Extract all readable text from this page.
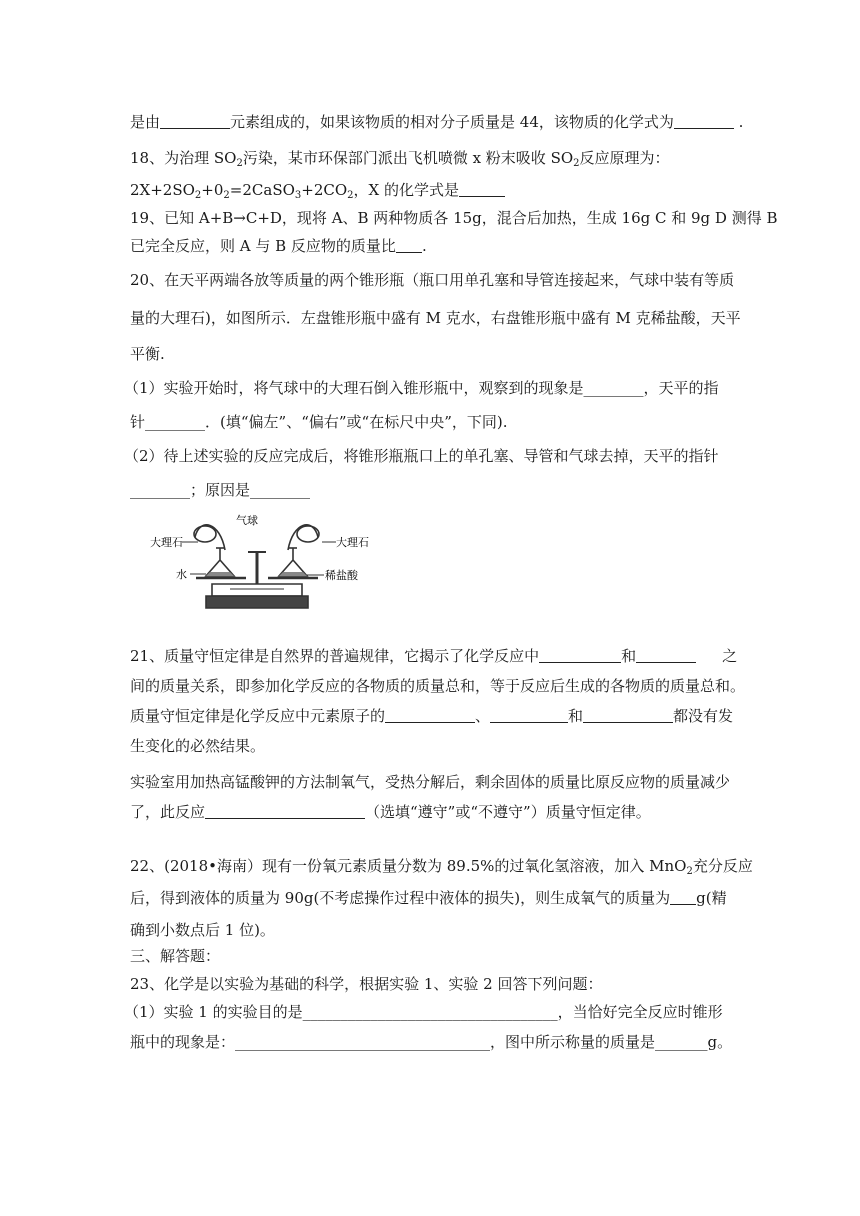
是由	元素组成的，如果该物质的相对分子质量是 44，该物质的化学式为	.
18、为治理 $SO_2$污染，某市环保部门派出飞机喷微 x 粉末吸收 $SO_2$反应原理为：
$2X+2SO_2+0_2=2CaSO_3+2CO_2$，X 的化学式是
19、已知 A+B→C+D，现将 A、B 两种物质各 15g，混合后加热，生成 16g C 和 9g D 测得 B
已完全反应，则 A 与 B 反应物的质量比 .
20、在天平两端各放等质量的两个锥形瓶（瓶口用单孔塞和导管连接起来，气球中装有等质
量的大理石)，如图所示．左盘锥形瓶中盛有 M 克水，右盘锥形瓶中盛有 M 克稀盐酸，天平
平衡.
（1）实验开始时，将气球中的大理石倒入锥形瓶中，观察到的现象是________，天平的指
针________．(填“偏左”、“偏右”或“在标尺中央”，下同).
（2）待上述实验的反应完成后，将锥形瓶瓶口上的单孔塞、导管和气球去掉，天平的指针
________；原因是________
气球
大理石	大理石
水	稀盐酸
21、质量守恒定律是自然界的普遍规律，它揭示了化学反应中	和	之
间的质量关系，即参加化学反应的各物质的质量总和，等于反应后生成的各物质的质量总和。
质量守恒定律是化学反应中元素原子的	、	和	都没有发
生变化的必然结果。
实验室用加热高锰酸钾的方法制氧气，受热分解后，剩余固体的质量比原反应物的质量减少
了，此反应	（选填“遵守”或“不遵守”）质量守恒定律。
22、(2018•海南）现有一份氧元素质量分数为 89.5%的过氧化氢溶液，加入 MnO$_2$充分反应
后，得到液体的质量为 90g(不考虑操作过程中液体的损失)，则生成氧气的质量为 g(精
确到小数点后 1 位)。
三、解答题：
23、化学是以实验为基础的科学，根据实验 1、实验 2 回答下列问题：
（1）实验 1 的实验目的是__________________________________，当恰好完全反应时锥形
瓶中的现象是：__________________________________，图中所示称量的质量是_______g。
